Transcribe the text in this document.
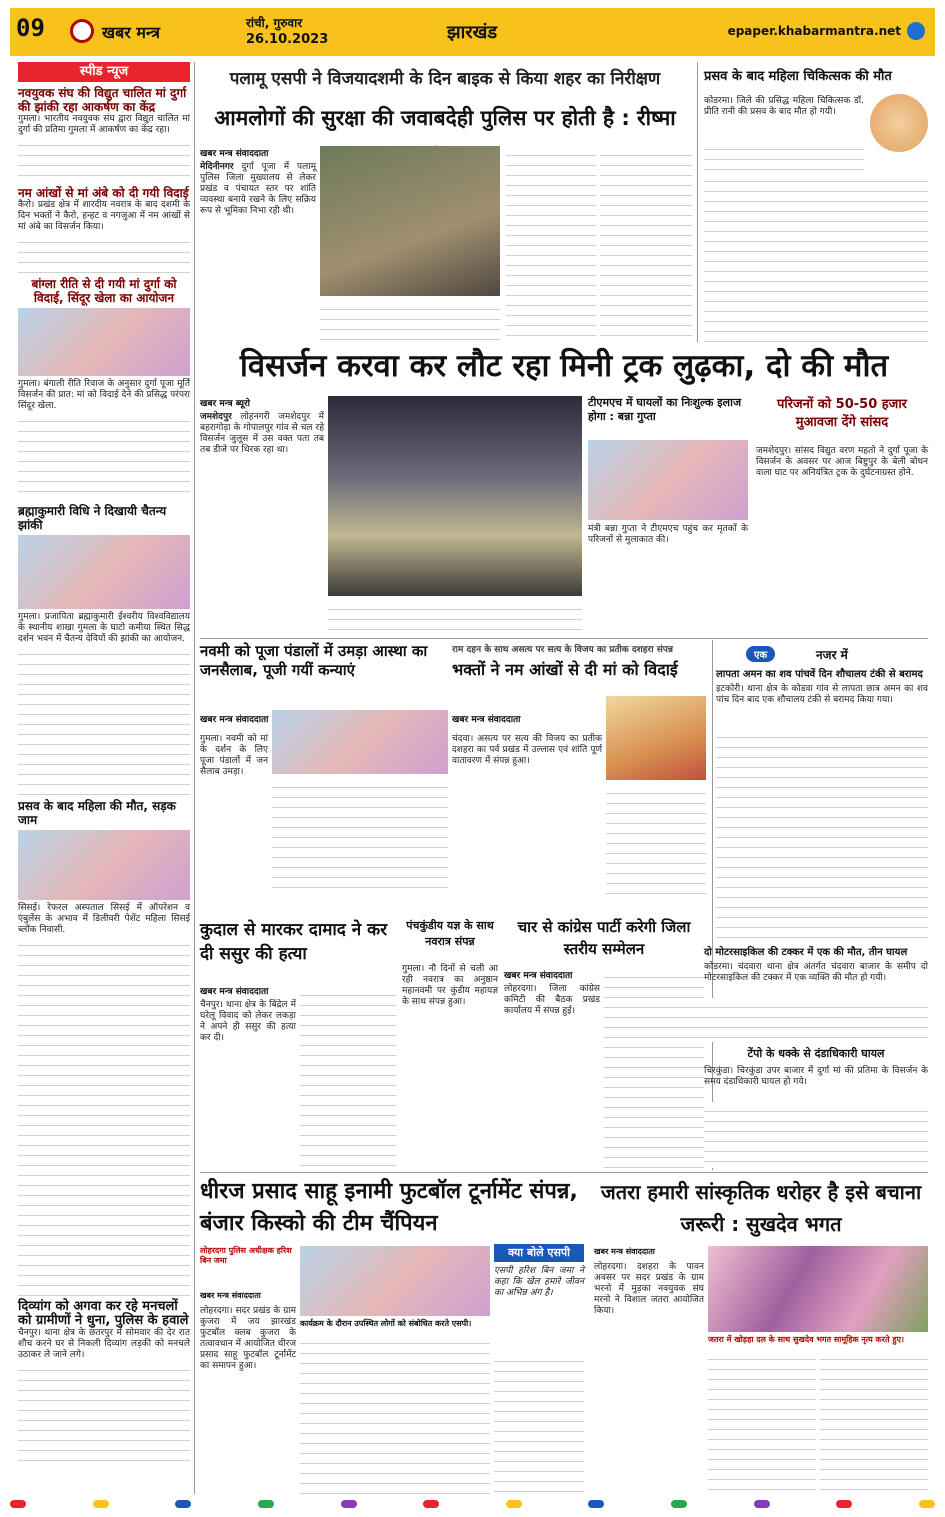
09	खबर मन्त्र	रांची, गुरुवार
26.10.2023	झारखंड	epaper.khabarmantra.net
स्पीड न्यूज
नवयुवक संघ की विद्युत चालित मां दुर्गा की झांकी रहा आकर्षण का केंद्र
गुमला। भारतीय नवयुवक संघ द्वारा विद्युत चालित मां दुर्गा की प्रतिमा गुमला में आकर्षण का केंद्र रहा।
नम आंखों से मां अंबे को दी गयी विदाई
कैरो। प्रखंड क्षेत्र में शारदीय नवरात्र के बाद दशमी के दिन भक्तों ने कैरो, हन्हट व नगजुआ में नम आंखों से मां अंबे का विसर्जन किया।
बांग्ला रीति से दी गयी मां दुर्गा को विदाई, सिंदूर खेला का आयोजन
गुमला। बंगाली रीति रिवाज के अनुसार दुर्गा पूजा मूर्ति विसर्जन की प्रात: मां को विदाई देने की प्रसिद्ध परंपरा सिंदूर खेला.
ब्रह्माकुमारी विधि ने दिखायी चैतन्य झांकी
गुमला। प्रजापिता ब्रह्माकुमारी ईश्वरीय विश्वविद्यालय के स्थानीय शाखा गुमला के घाटो कमीया स्थित सिद्ध दर्शन भवन में चैतन्य देवियों की झांकी का आयोजन.
प्रसव के बाद महिला की मौत, सड़क जाम
सिसई। रेफरल अस्पताल सिसई में ऑपरेशन व एंबुलेंस के अभाव में डिलीवरी पेशेंट महिला सिसई ब्लॉक निवासी.
दिव्यांग को अगवा कर रहे मनचलों को ग्रामीणों ने धुना, पुलिस के हवाले
चैनपुर। थाना क्षेत्र के छतरपुर में सोमवार की देर रात शौच करने घर से निकली दिव्यांग लड़की को मनचले उठाकर ले जाने लगे।
पलामू एसपी ने विजयादशमी के दिन बाइक से किया शहर का निरीक्षण
आमलोगों की सुरक्षा की जवाबदेही पुलिस पर होती है : रीष्मा
खबर मन्त्र संवाददाता
मेदिनीनगर दुर्गा पूजा में पलामू पुलिस जिला मुख्यालय से लेकर प्रखंड व पंचायत स्तर पर शांति व्यवस्था बनाये रखने के लिए सक्रिय रूप से भूमिका निभा रही थी।
प्रसव के बाद महिला चिकित्सक की मौत
कोडरमा। जिले की प्रसिद्ध महिला चिकित्सक डॉ. प्रीति रानी की प्रसव के बाद मौत हो गयी।
विसर्जन करवा कर लौट रहा मिनी ट्रक लुढ़का, दो की मौत
खबर मन्त्र ब्यूरो
जमशेदपुर लोहनगरी जमशेदपुर में बहरागोड़ा के गोपालपुर गांव से चल रहे विसर्जन जुलूस में उस वक्त पता तब तब डीजे पर थिरक रहा था।
टीएमएच में घायलों का निःशुल्क इलाज होगा : बन्ना गुप्ता
मंत्री बन्ना गुप्ता ने टीएमएच पहुंच कर मृतकों के परिजनों से मुलाकात की।
परिजनों को 50-50 हजार मुआवजा देंगे सांसद
जमशेदपुर। सांसद विद्युत वरण महतो ने दुर्गा पूजा के विसर्जन के अवसर पर आज बिष्टुपुर के बेली बोधन वाला घाट पर अनियंत्रित ट्रक के दुर्घटनाग्रस्त होने.
नवमी को पूजा पंडालों में उमड़ा आस्था का जनसैलाब, पूजी गयीं कन्याएं
खबर मन्त्र संवाददाता
गुमला। नवमी को मां के दर्शन के लिए पूजा पंडालों में जन सैलाब उमड़ा।
राम दहन के साथ असत्य पर सत्य के विजय का प्रतीक दशहरा संपन्न
भक्तों ने नम आंखों से दी मां को विदाई
खबर मन्त्र संवाददाता
चंदवा। असत्य पर सत्य की विजय का प्रतीक दशहरा का पर्व प्रखंड में उल्लास एवं शांति पूर्ण वातावरण में संपन्न हुआ।
कुदाल से मारकर दामाद ने कर दी ससुर की हत्या
खबर मन्त्र संवाददाता
चैनपुर। थाना क्षेत्र के बिंद्रेल में घरेलू विवाद को लेकर लकड़ा ने अपने ही ससुर की हत्या कर दी।
पंचकुंडीय यज्ञ के साथ नवरात्र संपन्न
गुमला। नौ दिनों से चली आ रही नवरात्र का अनुष्ठान महानवमी पर कुंडीय महायज्ञ के साथ संपन्न हुआ।
चार से कांग्रेस पार्टी करेगी जिला स्तरीय सम्मेलन
खबर मन्त्र संवाददाता
लोहरदगा। जिला कांग्रेस कमिटी की बैठक प्रखंड कार्यालय में संपन्न हुई।
एक	नजर में
लापता अमन का शव पांचवें दिन शौचालय टंकी से बरामद
इटकोरी। थाना क्षेत्र के कोडवा गांव से लापता छात्र अमन का शव पांच दिन बाद एक शौचालय टंकी से बरामद किया गया।
दो मोटरसाइकिल की टक्कर में एक की मौत, तीन घायल
कोडरमा। चंदवारा थाना क्षेत्र अंतर्गत चंदवारा बाजार के समीप दो मोटरसाइकिल की टक्कर में एक व्यक्ति की मौत हो गयी।
टेंपो के धक्के से दंडाधिकारी घायल
चिरकुंडा। चिरकुंडा उपर बाजार में दुर्गा मां की प्रतिमा के विसर्जन के समय दंडाधिकारी घायल हो गये।
धीरज प्रसाद साहू इनामी फुटबॉल टूर्नामेंट संपन्न, बंजार किस्को की टीम चैंपियन
लोहरदगा पुलिस अधीक्षक हरिश बिन जमा
खबर मन्त्र संवाददाता
लोहरदगा। सदर प्रखंड के ग्राम कुजरा में जय झारखंड फुटबॉल क्लब कुजरा के तत्वावधान में आयोजित धीरज प्रसाद साहू फुटबॉल टूर्नामेंट का समापन हुआ।
कार्यक्रम के दौरान उपस्थित लोगों को संबोधित करते एसपी।
क्या बोले एसपी
एसपी हरिश बिन जमा ने कहा कि खेल हमारे जीवन का अभिन्न अंग है।
जतरा हमारी सांस्कृतिक धरोहर है इसे बचाना जरूरी : सुखदेव भगत
खबर मन्त्र संवाददाता
लोहरदगा। दशहरा के पावन अवसर पर सदर प्रखंड के ग्राम भरनो में मुड़का नवयुवक संघ मरनो ने विशाल जतरा आयोजित किया।
जतरा में खोड़हा दल के साथ सुखदेव भगत सामूहिक नृत्य करते हुए।
